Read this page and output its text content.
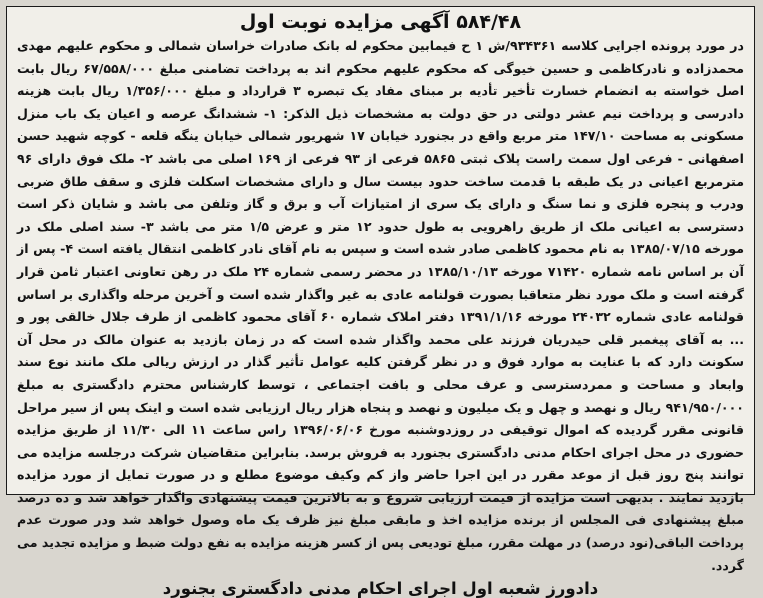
۵۸۴/۴۸ آگهی مزایده نوبت اول

در مورد پرونده اجرایی کلاسه ۹۳۴۳۶۱/ش ۱ ح فیمابین محکوم له بانک صادرات خراسان شمالی و محکوم علیهم مهدی محمدزاده و نادرکاظمی و حسین خیوگی که محکوم علیهم محکوم اند به پرداخت تضامنی مبلغ ۶۷/۵۵۸/۰۰۰ ریال بابت اصل خواسته به انضمام خسارت تأخیر تأدیه بر مبنای مفاد یک تبصره ۳ قرارداد و مبلغ ۱/۳۵۶/۰۰۰ ریال بابت هزینه دادرسی و پرداخت نیم عشر دولتی در حق دولت به مشخصات ذیل الذکر: ۱- ششدانگ عرصه و اعیان یک باب منزل مسکونی به مساحت ۱۴۷/۱۰ متر مربع واقع در بجنورد خیابان ۱۷ شهریور شمالی خیابان ینگه قلعه - کوچه شهید حسن اصفهانی - فرعی اول سمت راست پلاک ثبتی ۵۸۶۵ فرعی از ۹۳ فرعی از ۱۶۹ اصلی می باشد ۲- ملک فوق دارای ۹۶ مترمربع اعیانی در یک طبقه با قدمت ساخت حدود بیست سال و دارای مشخصات اسکلت فلزی و سقف طاق ضربی ودرب و پنجره فلزی و نما سنگ و دارای یک سری از امتیازات آب و برق و گاز وتلفن می باشد و شایان ذکر است دسترسی به اعیانی ملک از طریق راهرویی به طول حدود ۱۲ متر و عرض ۱/۵ متر می باشد ۳- سند اصلی ملک در مورخه ۱۳۸۵/۰۷/۱۵ به نام محمود کاظمی صادر شده است و سپس به نام آقای نادر کاظمی انتقال یافته است ۴- پس از آن بر اساس نامه شماره ۷۱۴۲۰ مورخه ۱۳۸۵/۱۰/۱۳ در محضر رسمی شماره ۲۴ ملک در رهن تعاونی اعتبار ثامن قرار گرفته است و ملک مورد نظر متعاقبا بصورت قولنامه عادی به غیر واگذار شده است و آخرین مرحله واگذاری بر اساس قولنامه عادی شماره ۲۴۰۳۲ مورخه ۱۳۹۱/۱/۱۶ دفتر املاک شماره ۶۰ آقای محمود کاظمی از طرف جلال خالقی پور و ... به آقای پیغمبر قلی حیدریان فرزند علی محمد واگذار شده است که در زمان بازدید به عنوان مالک در محل آن سکونت دارد که با عنایت به موارد فوق و در نظر گرفتن کلیه عوامل تأثیر گذار در ارزش ریالی ملک مانند نوع سند وابعاد و مساحت و ممردسترسی و عرف محلی و بافت اجتماعی ، توسط کارشناس محترم دادگستری به مبلغ ۹۴۱/۹۵۰/۰۰۰ ریال و نهصد و چهل و یک میلیون و نهصد و پنجاه هزار ریال ارزیابی شده است و اینک پس از سیر مراحل قانونی مقرر گردیده که اموال توقیفی در روزدوشنبه مورخ ۱۳۹۶/۰۶/۰۶ راس ساعت ۱۱ الی ۱۱/۳۰ از طریق مزایده حضوری در محل اجرای احکام مدنی دادگستری بجنورد به فروش برسد. بنابراین متقاضیان شرکت درجلسه مزایده می توانند پنج روز قبل از موعد مقرر در این اجرا حاضر واز کم وکیف موضوع مطلع و در صورت تمایل از مورد مزایده بازدید نمایند . بدیهی است مزایده از قیمت ارزیابی شروع و به بالاترین قیمت پیشنهادی واگذار خواهد شد و ده درصد مبلغ پیشنهادی فی المجلس از برنده مزایده اخذ و مابقی مبلغ نیز ظرف یک ماه وصول خواهد شد ودر صورت عدم پرداخت الباقی(نود درصد) در مهلت مقرر، مبلغ تودیعی پس از کسر هزینه مزایده به نفع دولت ضبط و مزایده تجدید می گردد.

دادورز شعبه اول اجرای احکام مدنی دادگستری بجنورد
